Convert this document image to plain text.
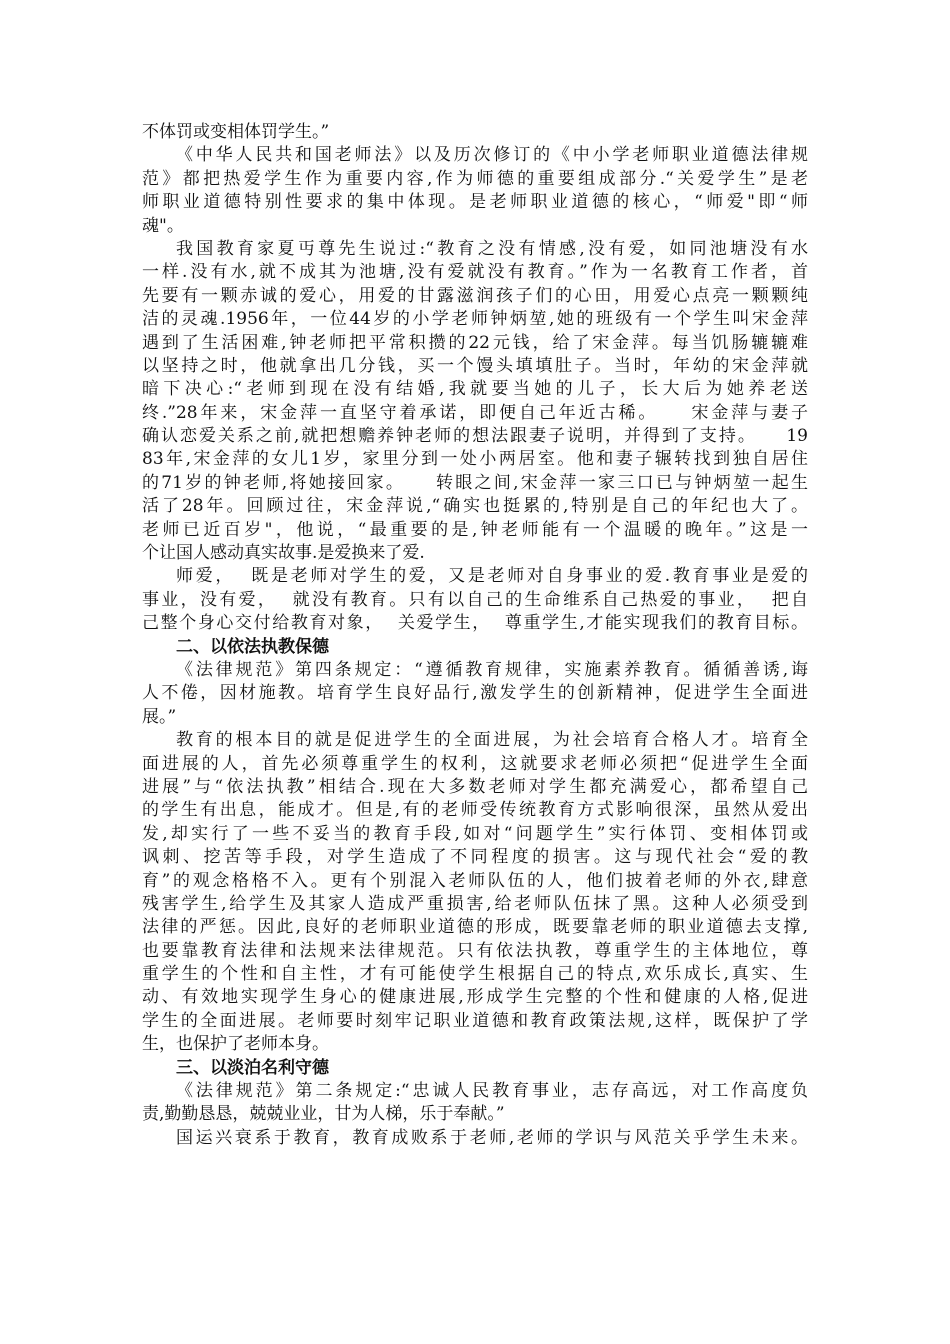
不体罚或变相体罚学生。”
《中华人民共和国老师法》以及历次修订的《中小学老师职业道德法律规
范》都把热爱学生作为重要内容,作为师德的重要组成部分.“关爱学生”是老
师职业道德特别性要求的集中体现。是老师职业道德的核心，“师爱"即“师
魂"。
我国教育家夏丏尊先生说过:“教育之没有情感,没有爱，如同池塘没有水
一样.没有水,就不成其为池塘,没有爱就没有教育。”作为一名教育工作者，首
先要有一颗赤诚的爱心，用爱的甘露滋润孩子们的心田，用爱心点亮一颗颗纯
洁的灵魂.1956年，一位44岁的小学老师钟炳堃,她的班级有一个学生叫宋金萍
遇到了生活困难,钟老师把平常积攒的22元钱，给了宋金萍。每当饥肠辘辘难
以坚持之时，他就拿出几分钱，买一个馒头填填肚子。当时，年幼的宋金萍就
暗下决心:“老师到现在没有结婚,我就要当她的儿子，长大后为她养老送
终.”28年来，宋金萍一直坚守着承诺，即便自己年近古稀。    宋金萍与妻子
确认恋爱关系之前,就把想赡养钟老师的想法跟妻子说明，并得到了支持。    19
83年,宋金萍的女儿1岁，家里分到一处小两居室。他和妻子辗转找到独自居住
的71岁的钟老师,将她接回家。    转眼之间,宋金萍一家三口已与钟炳堃一起生
活了28年。回顾过往，宋金萍说,“确实也挺累的,特别是自己的年纪也大了。
老师已近百岁"，他说，“最重要的是,钟老师能有一个温暖的晚年。”这是一
个让国人感动真实故事.是爱换来了爱.
师爱，  既是老师对学生的爱，又是老师对自身事业的爱.教育事业是爱的
事业，没有爱，  就没有教育。只有以自己的生命维系自己热爱的事业，  把自
己整个身心交付给教育对象，  关爱学生，  尊重学生,才能实现我们的教育目标。
二、以依法执教保德
《法律规范》第四条规定：“遵循教育规律，实施素养教育。循循善诱,诲
人不倦，因材施教。培育学生良好品行,激发学生的创新精神，促进学生全面进
展。”
教育的根本目的就是促进学生的全面进展，为社会培育合格人才。培育全
面进展的人，首先必须尊重学生的权利，这就要求老师必须把“促进学生全面
进展”与“依法执教”相结合.现在大多数老师对学生都充满爱心，都希望自己
的学生有出息，能成才。但是,有的老师受传统教育方式影响很深，虽然从爱出
发,却实行了一些不妥当的教育手段,如对“问题学生”实行体罚、变相体罚或
讽刺、挖苦等手段，对学生造成了不同程度的损害。这与现代社会“爱的教
育”的观念格格不入。更有个别混入老师队伍的人，他们披着老师的外衣,肆意
残害学生,给学生及其家人造成严重损害,给老师队伍抹了黑。这种人必须受到
法律的严惩。因此,良好的老师职业道德的形成，既要靠老师的职业道德去支撑,
也要靠教育法律和法规来法律规范。只有依法执教，尊重学生的主体地位，尊
重学生的个性和自主性，才有可能使学生根据自己的特点,欢乐成长,真实、生
动、有效地实现学生身心的健康进展,形成学生完整的个性和健康的人格,促进
学生的全面进展。老师要时刻牢记职业道德和教育政策法规,这样，既保护了学
生，也保护了老师本身。
三、以淡泊名利守德
《法律规范》第二条规定:“忠诚人民教育事业，志存高远，对工作高度负
责,勤勤恳恳，兢兢业业，甘为人梯，乐于奉献。”
国运兴衰系于教育，教育成败系于老师,老师的学识与风范关乎学生未来。
